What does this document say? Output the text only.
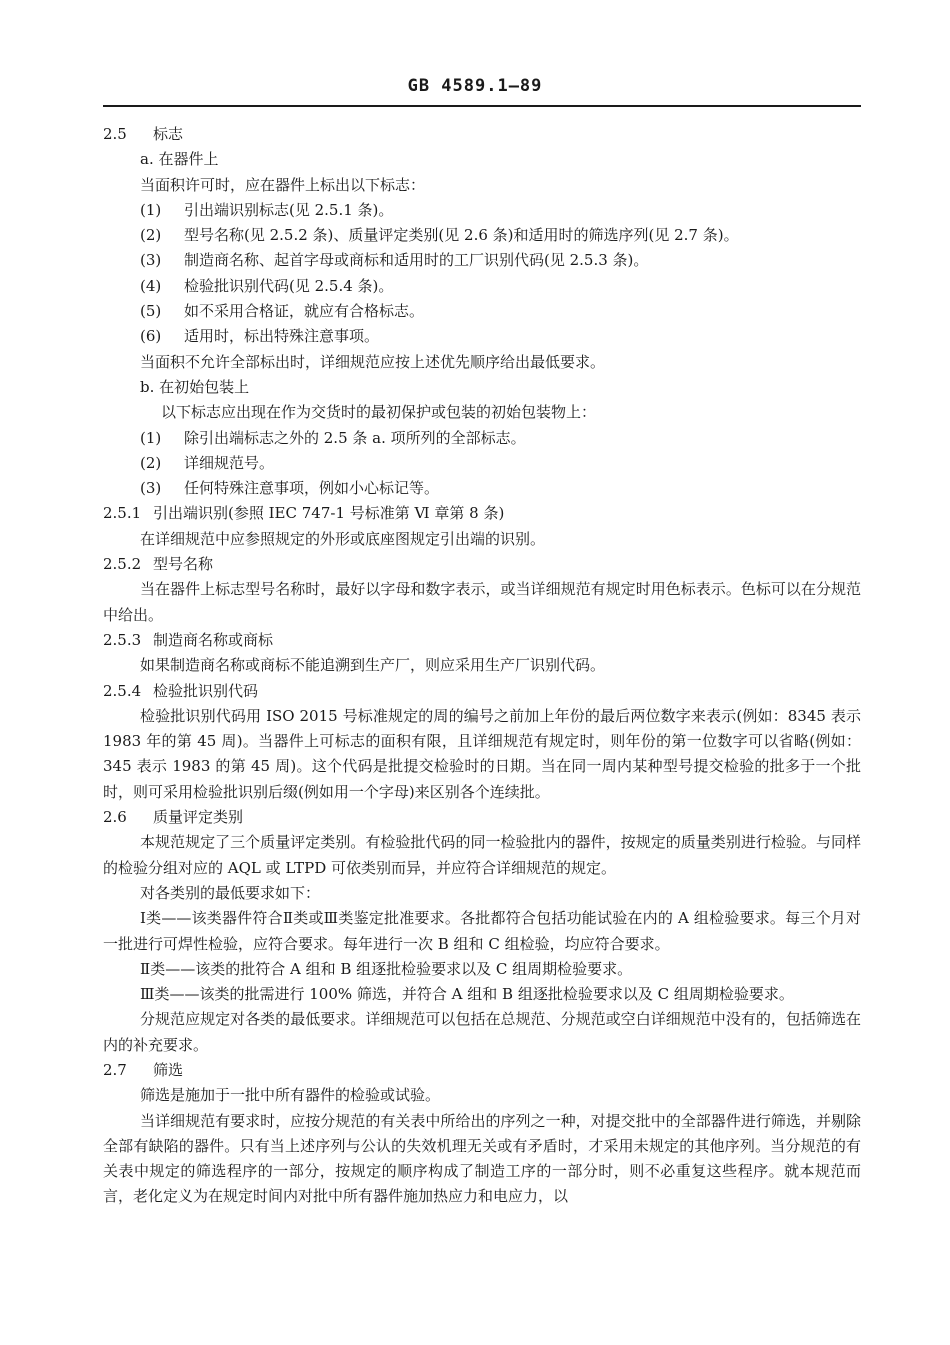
GB 4589.1—89
2.5 标志
a. 在器件上
当面积许可时，应在器件上标出以下标志：
(1) 引出端识别标志(见 2.5.1 条)。
(2) 型号名称(见 2.5.2 条)、质量评定类别(见 2.6 条)和适用时的筛选序列(见 2.7 条)。
(3) 制造商名称、起首字母或商标和适用时的工厂识别代码(见 2.5.3 条)。
(4) 检验批识别代码(见 2.5.4 条)。
(5) 如不采用合格证，就应有合格标志。
(6) 适用时，标出特殊注意事项。
当面积不允许全部标出时，详细规范应按上述优先顺序给出最低要求。
b. 在初始包装上
以下标志应出现在作为交货时的最初保护或包装的初始包装物上：
(1) 除引出端标志之外的 2.5 条 a. 项所列的全部标志。
(2) 详细规范号。
(3) 任何特殊注意事项，例如小心标记等。
2.5.1 引出端识别(参照 IEC 747-1 号标准第 Ⅵ 章第 8 条)
在详细规范中应参照规定的外形或底座图规定引出端的识别。
2.5.2 型号名称
当在器件上标志型号名称时，最好以字母和数字表示，或当详细规范有规定时用色标表示。色标可以在分规范中给出。
2.5.3 制造商名称或商标
如果制造商名称或商标不能追溯到生产厂，则应采用生产厂识别代码。
2.5.4 检验批识别代码
检验批识别代码用 ISO 2015 号标准规定的周的编号之前加上年份的最后两位数字来表示(例如：8345 表示 1983 年的第 45 周)。当器件上可标志的面积有限，且详细规范有规定时，则年份的第一位数字可以省略(例如：345 表示 1983 的第 45 周)。这个代码是批提交检验时的日期。当在同一周内某种型号提交检验的批多于一个批时，则可采用检验批识别后缀(例如用一个字母)来区别各个连续批。
2.6 质量评定类别
本规范规定了三个质量评定类别。有检验批代码的同一检验批内的器件，按规定的质量类别进行检验。与同样的检验分组对应的 AQL 或 LTPD 可依类别而异，并应符合详细规范的规定。
对各类别的最低要求如下：
Ⅰ类——该类器件符合Ⅱ类或Ⅲ类鉴定批准要求。各批都符合包括功能试验在内的 A 组检验要求。每三个月对一批进行可焊性检验，应符合要求。每年进行一次 B 组和 C 组检验，均应符合要求。
Ⅱ类——该类的批符合 A 组和 B 组逐批检验要求以及 C 组周期检验要求。
Ⅲ类——该类的批需进行 100% 筛选，并符合 A 组和 B 组逐批检验要求以及 C 组周期检验要求。
分规范应规定对各类的最低要求。详细规范可以包括在总规范、分规范或空白详细规范中没有的，包括筛选在内的补充要求。
2.7 筛选
筛选是施加于一批中所有器件的检验或试验。
当详细规范有要求时，应按分规范的有关表中所给出的序列之一种，对提交批中的全部器件进行筛选，并剔除全部有缺陷的器件。只有当上述序列与公认的失效机理无关或有矛盾时，才采用未规定的其他序列。当分规范的有关表中规定的筛选程序的一部分，按规定的顺序构成了制造工序的一部分时，则不必重复这些程序。就本规范而言，老化定义为在规定时间内对批中所有器件施加热应力和电应力，以
